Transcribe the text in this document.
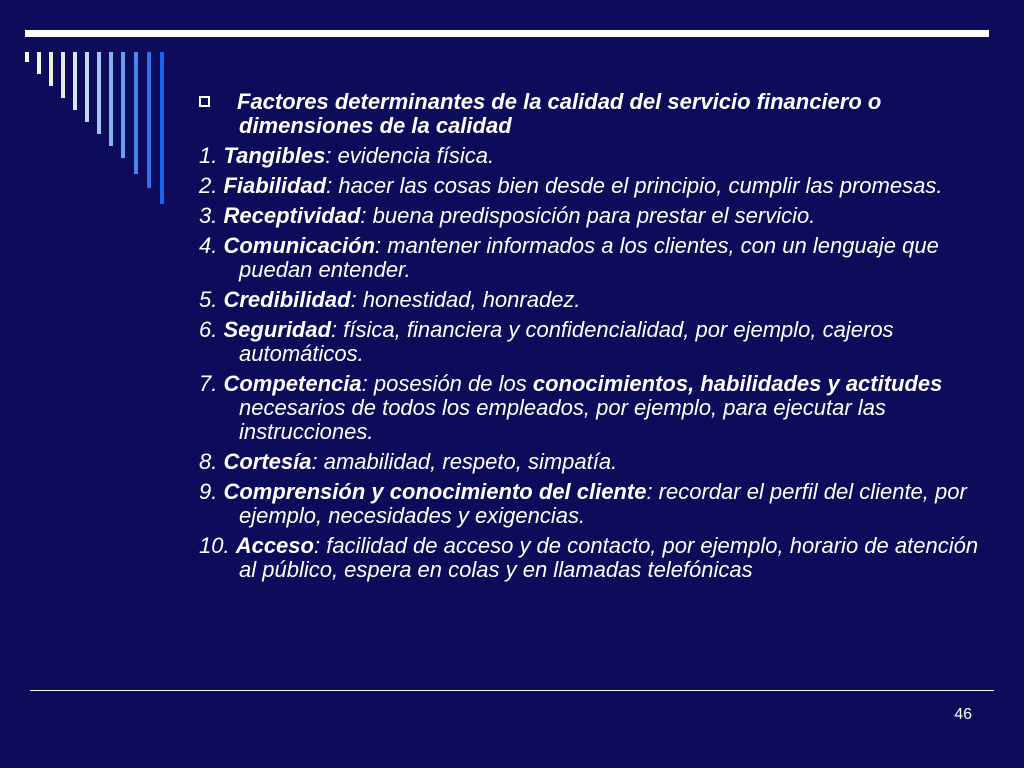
Factores determinantes de la calidad del servicio financiero o dimensiones de la calidad
1. Tangibles: evidencia física.
2. Fiabilidad: hacer las cosas bien desde el principio, cumplir las promesas.
3. Receptividad: buena predisposición para prestar el servicio.
4. Comunicación: mantener informados a los clientes, con un lenguaje que puedan entender.
5. Credibilidad: honestidad, honradez.
6. Seguridad: física, financiera y confidencialidad, por ejemplo, cajeros automáticos.
7. Competencia: posesión de los conocimientos, habilidades y actitudes necesarios de todos los empleados, por ejemplo, para ejecutar las instrucciones.
8. Cortesía: amabilidad, respeto, simpatía.
9. Comprensión y conocimiento del cliente: recordar el perfil del cliente, por ejemplo, necesidades y exigencias.
10. Acceso: facilidad de acceso y de contacto, por ejemplo, horario de atención al público, espera en colas y en llamadas telefónicas
46
